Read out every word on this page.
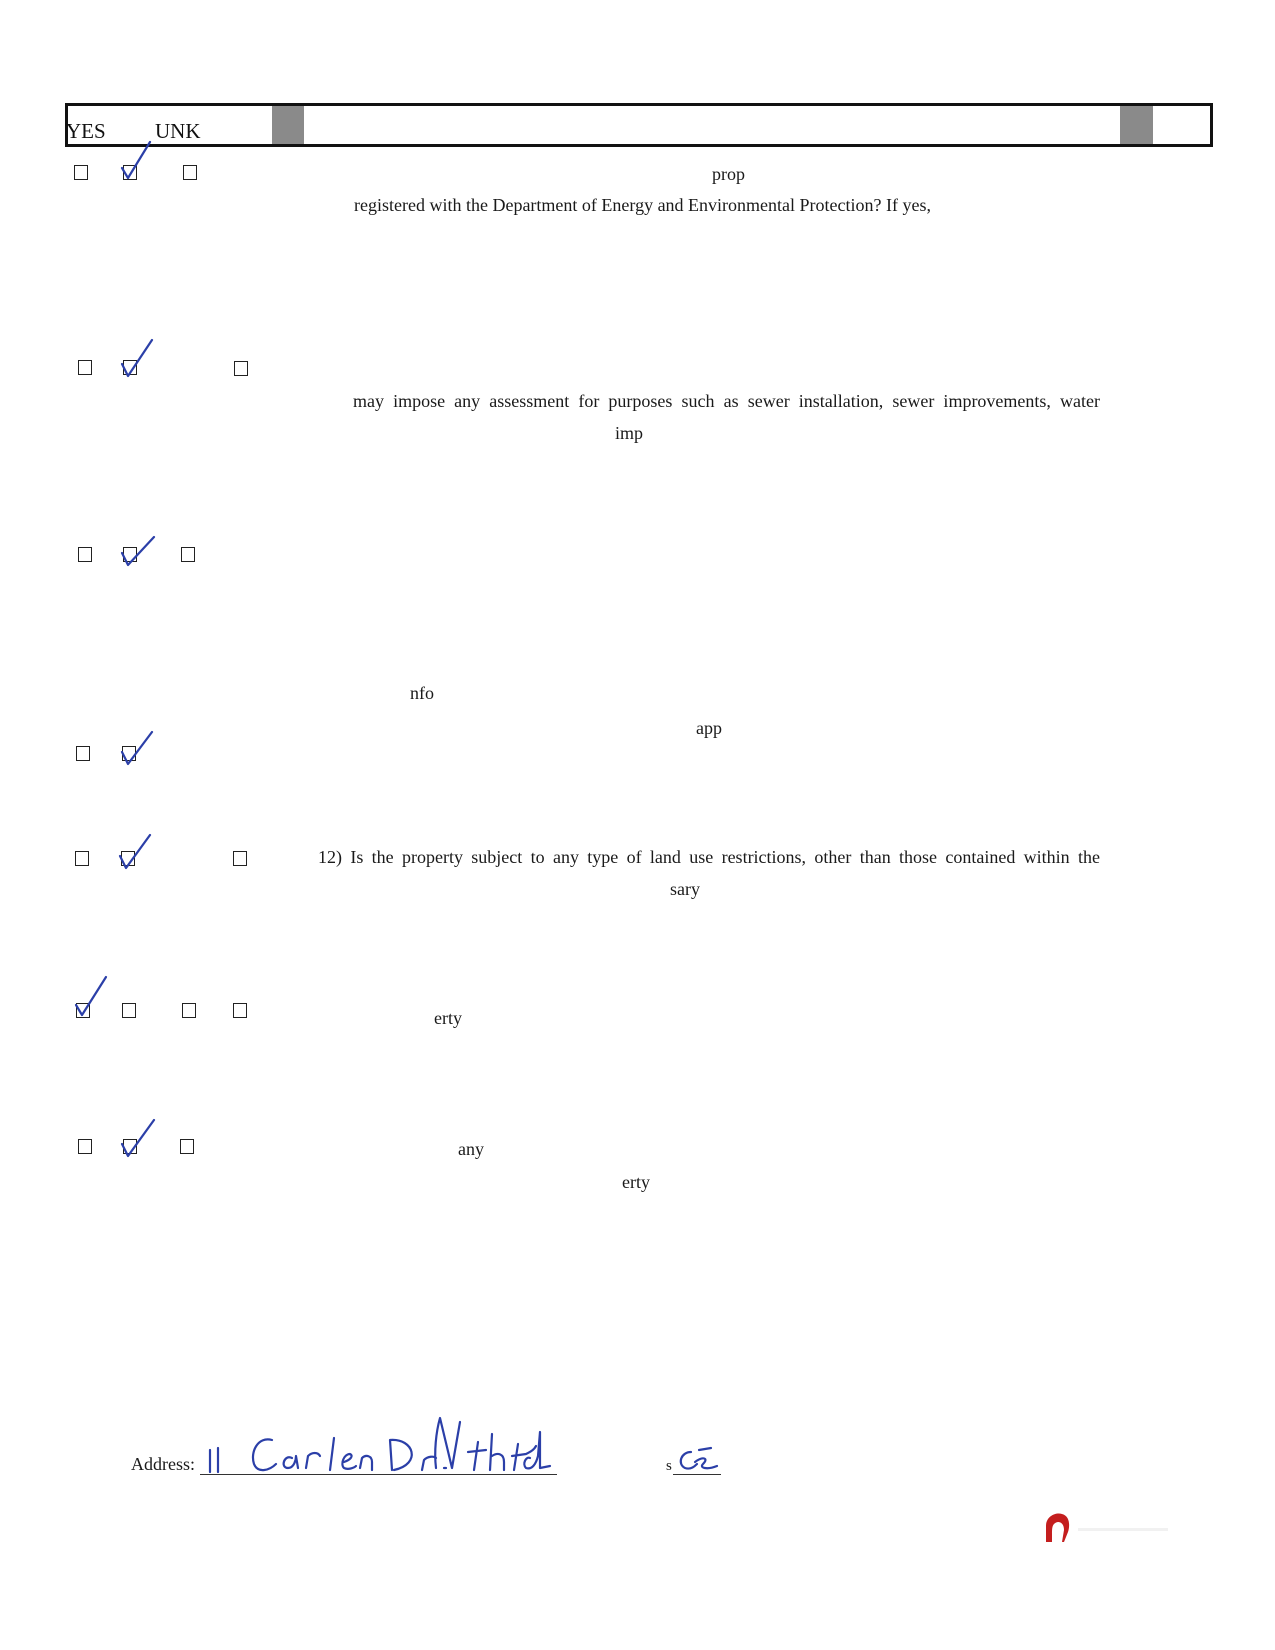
YES UNK
prop
registered with the Department of Energy and Environmental Protection? If yes,
may impose any assessment for purposes such as sewer installation, sewer improvements, water
imp
nfo
app
12) Is the property subject to any type of land use restrictions, other than those contained within the
sary
erty
any
erty
Address:	s
